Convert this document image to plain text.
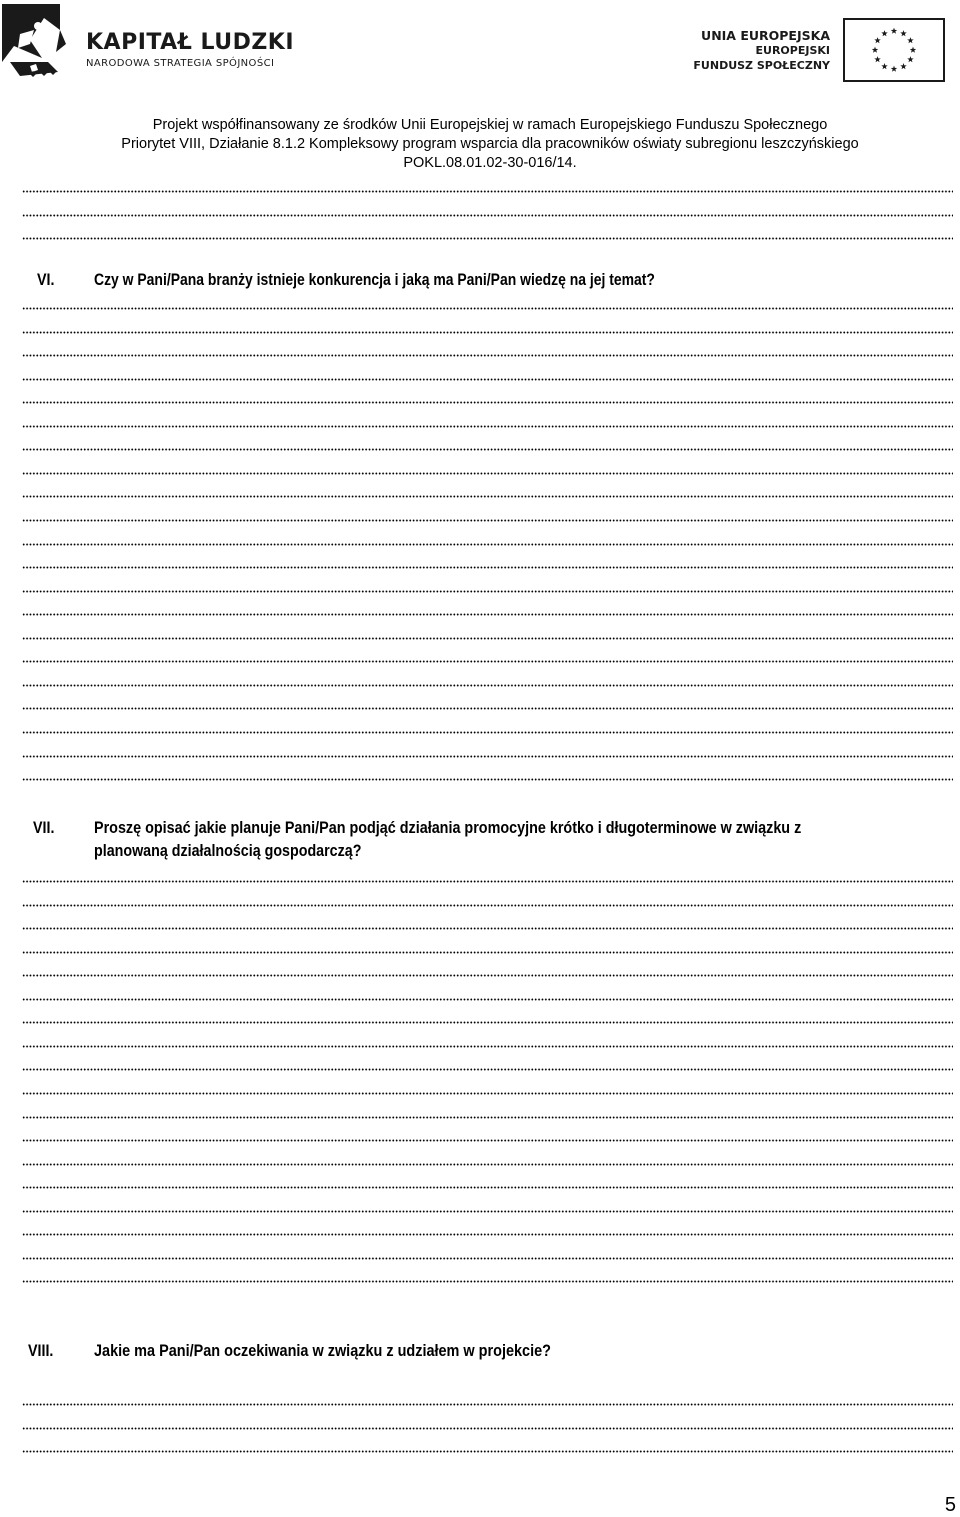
KAPITAŁ LUDZKI
NARODOWA STRATEGIA SPÓJNOŚCI
UNIA EUROPEJSKA
EUROPEJSKI
FUNDUSZ SPOŁECZNY
Projekt współfinansowany ze środków Unii Europejskiej w ramach Europejskiego Funduszu Społecznego
Priorytet VIII, Działanie 8.1.2 Kompleksowy program wsparcia dla pracowników oświaty subregionu leszczyńskiego
POKL.08.01.02-30-016/14.
VI. Czy w Pani/Pana branży istnieje konkurencja i jaką ma Pani/Pan wiedzę na jej temat?
VII. Proszę opisać jakie planuje Pani/Pan podjąć działania promocyjne krótko i długoterminowe w związku z
planowaną działalnością gospodarczą?
VIII. Jakie ma Pani/Pan oczekiwania w związku z udziałem w projekcie?
5
